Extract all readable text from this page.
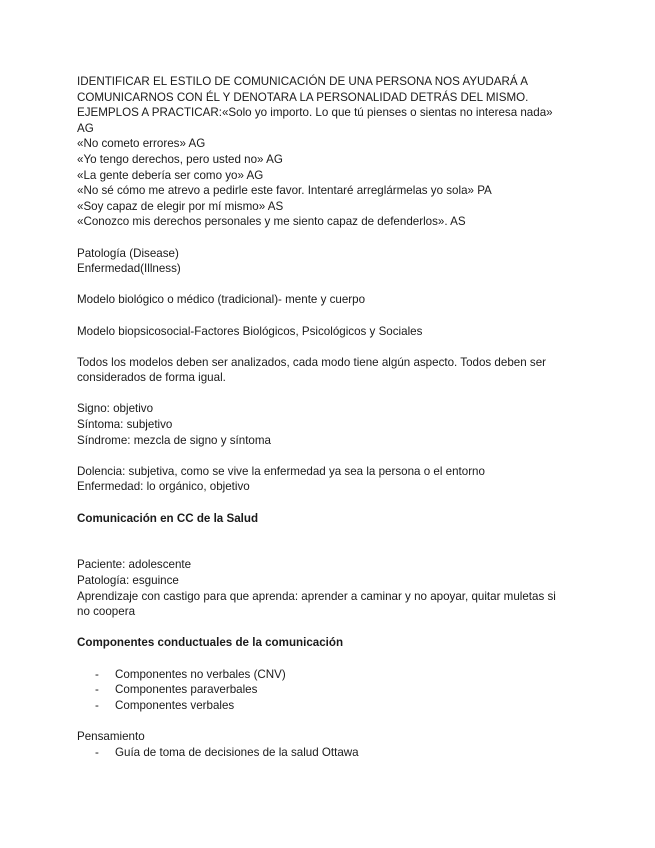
IDENTIFICAR EL ESTILO DE COMUNICACIÓN DE UNA PERSONA NOS AYUDARÁ A
COMUNICARNOS CON ÉL Y DENOTARA LA PERSONALIDAD DETRÁS DEL MISMO.
EJEMPLOS A PRACTICAR:«Solo yo importo. Lo que tú pienses o sientas no interesa nada»
AG
«No cometo errores» AG
«Yo tengo derechos, pero usted no» AG
«La gente debería ser como yo» AG
«No sé cómo me atrevo a pedirle este favor. Intentaré arreglármelas yo sola» PA
«Soy capaz de elegir por mí mismo» AS
«Conozco mis derechos personales y me siento capaz de defenderlos». AS
Patología (Disease)
Enfermedad(Illness)
Modelo biológico o médico (tradicional)- mente y cuerpo
Modelo biopsicosocial-Factores Biológicos, Psicológicos y Sociales
Todos los modelos deben ser analizados, cada modo tiene algún aspecto. Todos deben ser
considerados de forma igual.
Signo: objetivo
Síntoma: subjetivo
Síndrome: mezcla de signo y síntoma
Dolencia: subjetiva, como se vive la enfermedad ya sea la persona o el entorno
Enfermedad: lo orgánico, objetivo
Comunicación en CC de la Salud
Paciente: adolescente
Patología: esguince
Aprendizaje con castigo para que aprenda: aprender a caminar y no apoyar, quitar muletas si
no coopera
Componentes conductuales de la comunicación
- Componentes no verbales (CNV)
- Componentes paraverbales
- Componentes verbales
Pensamiento
- Guía de toma de decisiones de la salud Ottawa
